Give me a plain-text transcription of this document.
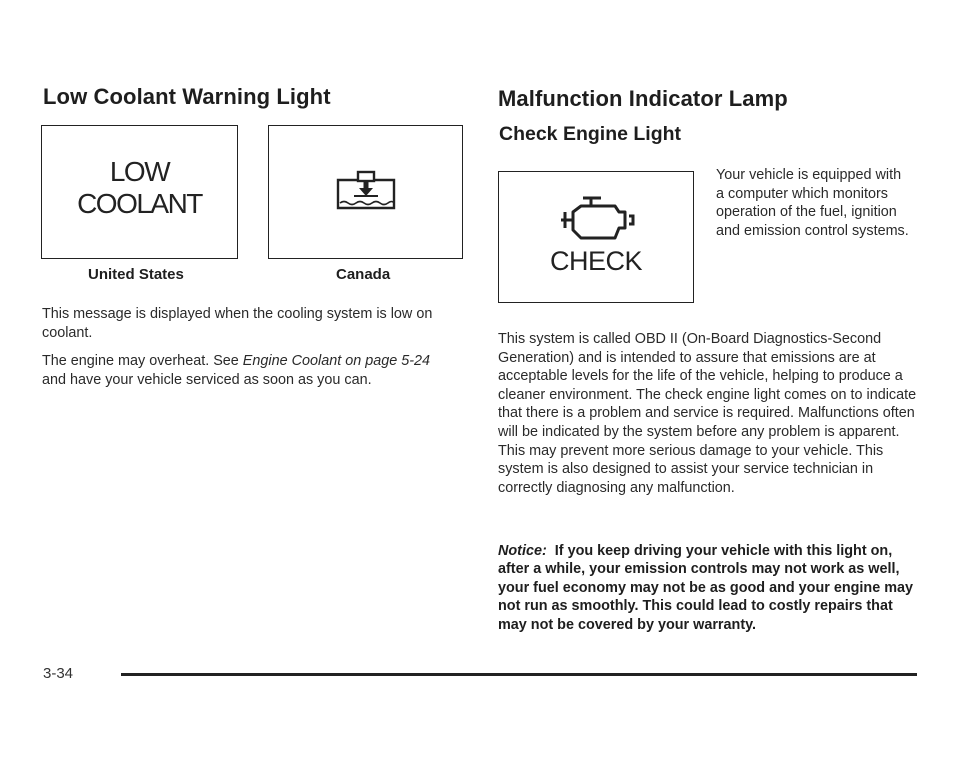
Low Coolant Warning Light
LOW
COOLANT
United States	Canada

This message is displayed when the cooling system is low on coolant.

The engine may overheat. See Engine Coolant on page 5-24 and have your vehicle serviced as soon as you can.
Malfunction Indicator Lamp
Check Engine Light
CHECK
Your vehicle is equipped with a computer which monitors operation of the fuel, ignition and emission control systems.
This system is called OBD II (On-Board Diagnostics-Second Generation) and is intended to assure that emissions are at acceptable levels for the life of the vehicle, helping to produce a cleaner environment. The check engine light comes on to indicate that there is a problem and service is required. Malfunctions often will be indicated by the system before any problem is apparent. This may prevent more serious damage to your vehicle. This system is also designed to assist your service technician in correctly diagnosing any malfunction.
Notice: If you keep driving your vehicle with this light on, after a while, your emission controls may not work as well, your fuel economy may not be as good and your engine may not run as smoothly. This could lead to costly repairs that may not be covered by your warranty.
3-34
